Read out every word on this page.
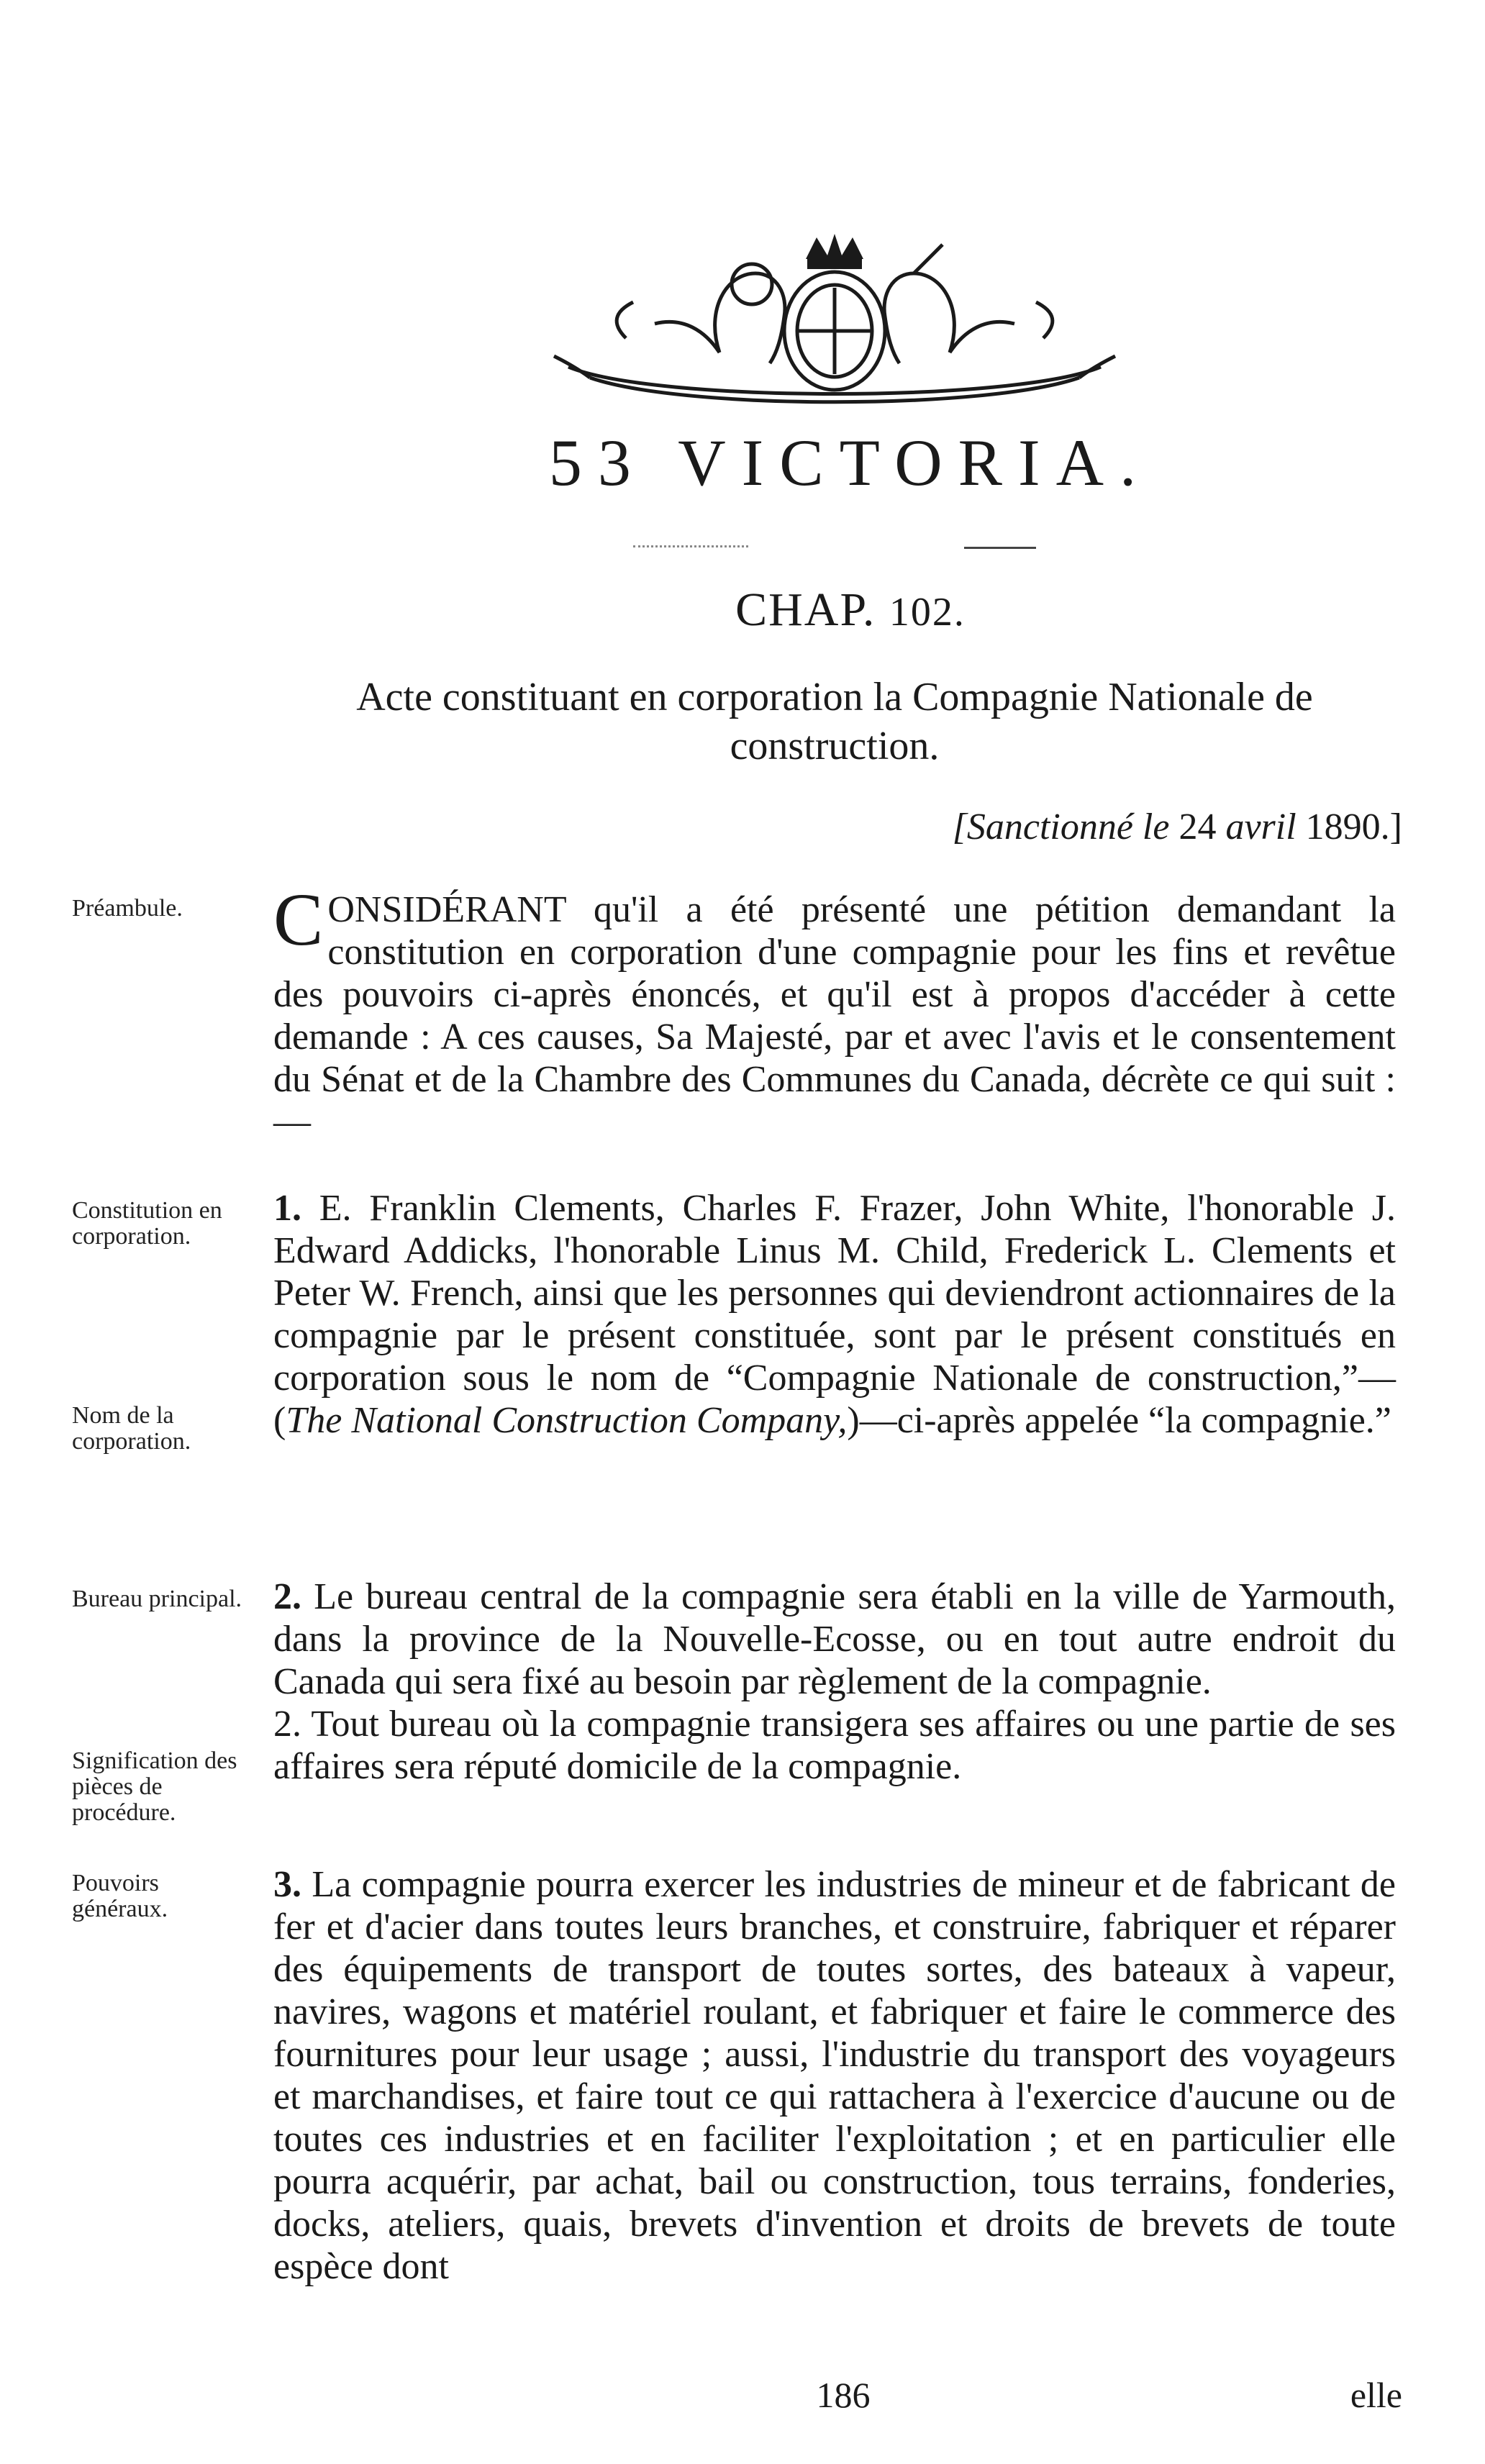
53 VICTORIA.
CHAP. 102.
Acte constituant en corporation la Compagnie Nationale de construction.
[Sanctionné le 24 avril 1890.]
Préambule.
Constitution en corporation.
Nom de la corporation.
Bureau principal.
Signification des pièces de procédure.
Pouvoirs généraux.

CONSIDÉRANT qu'il a été présenté une pétition demandant la constitution en corporation d'une compagnie pour les fins et revêtue des pouvoirs ci-après énoncés, et qu'il est à propos d'accéder à cette demande : A ces causes, Sa Majesté, par et avec l'avis et le consentement du Sénat et de la Chambre des Communes du Canada, décrète ce qui suit :—

1. E. Franklin Clements, Charles F. Frazer, John White, l'honorable J. Edward Addicks, l'honorable Linus M. Child, Frederick L. Clements et Peter W. French, ainsi que les personnes qui deviendront actionnaires de la compagnie par le présent constituée, sont par le présent constitués en corporation sous le nom de “Compagnie Nationale de construction,”—(The National Construction Company,)—ci-après appelée “la compagnie.”

2. Le bureau central de la compagnie sera établi en la ville de Yarmouth, dans la province de la Nouvelle-Ecosse, ou en tout autre endroit du Canada qui sera fixé au besoin par règlement de la compagnie.

2. Tout bureau où la compagnie transigera ses affaires ou une partie de ses affaires sera réputé domicile de la compagnie.

3. La compagnie pourra exercer les industries de mineur et de fabricant de fer et d'acier dans toutes leurs branches, et construire, fabriquer et réparer des équipements de transport de toutes sortes, des bateaux à vapeur, navires, wagons et matériel roulant, et fabriquer et faire le commerce des fournitures pour leur usage ; aussi, l'industrie du transport des voyageurs et marchandises, et faire tout ce qui rattachera à l'exercice d'aucune ou de toutes ces industries et en faciliter l'exploitation ; et en particulier elle pourra acquérir, par achat, bail ou construction, tous terrains, fonderies, docks, ateliers, quais, brevets d'invention et droits de brevets de toute espèce dont

186	elle
